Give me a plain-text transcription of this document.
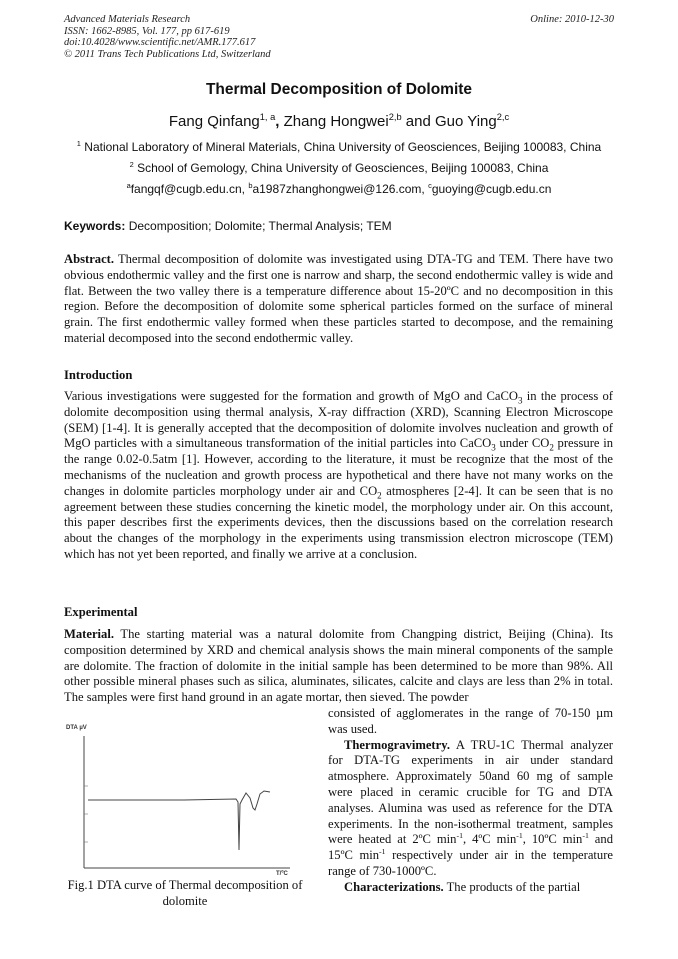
Advanced Materials Research
ISSN: 1662-8985, Vol. 177, pp 617-619
doi:10.4028/www.scientific.net/AMR.177.617
© 2011 Trans Tech Publications Ltd, Switzerland
Online: 2010-12-30
Thermal Decomposition of Dolomite
Fang Qinfang$^{1, a}$, Zhang Hongwei$^{2,b}$ and Guo Ying$^{2,c}$
$^1$ National Laboratory of Mineral Materials, China University of Geosciences, Beijing 100083, China
$^2$ School of Gemology, China University of Geosciences, Beijing 100083, China
$^a$fangqf@cugb.edu.cn, $^b$a1987zhanghongwei@126.com, $^c$guoying@cugb.edu.cn
Keywords: Decomposition; Dolomite; Thermal Analysis; TEM

Abstract. Thermal decomposition of dolomite was investigated using DTA-TG and TEM. There have two obvious endothermic valley and the first one is narrow and sharp, the second endothermic valley is wide and flat. Between the two valley there is a temperature difference about 15-20ºC and no decomposition in this region. Before the decomposition of dolomite some spherical particles formed on the surface of mineral grain. The first endothermic valley formed when these particles started to decompose, and the remaining material decomposed into the second endothermic valley.

Introduction

Various investigations were suggested for the formation and growth of MgO and CaCO$_3$ in the process of dolomite decomposition using thermal analysis, X-ray diffraction (XRD), Scanning Electron Microscope (SEM) [1-4]. It is generally accepted that the decomposition of dolomite involves nucleation and growth of MgO particles with a simultaneous transformation of the initial particles into CaCO$_3$ under $CO_2$ pressure in the range 0.02-0.5atm [1]. However, according to the literature, it must be recognize that the most of the mechanisms of the nucleation and growth process are hypothetical and there have not many works on the changes in dolomite particles morphology under air and $CO_2$ atmospheres [2-4]. It can be seen that is no agreement between these studies concerning the kinetic model, the morphology under air. On this account, this paper describes first the experiments devices, then the discussions based on the correlation research about the changes of the morphology in the experiments using transmission electron microscope (TEM) which has not yet been reported, and finally we arrive at a conclusion.

Experimental

Material. The starting material was a natural dolomite from Changping district, Beijing (China). Its composition determined by XRD and chemical analysis shows the main mineral components of the sample are dolomite. The fraction of dolomite in the initial sample has been determined to be more than 98%. All other possible mineral phases such as silica, aluminates, silicates, calcite and clays are less than 2% in total. The samples were first hand ground in an agate mortar, then sieved. The powder

consisted of agglomerates in the range of 70-150 µm was used.
Thermogravimetry. A TRU-1C Thermal analyzer for DTA-TG experiments in air under standard atmosphere. Approximately 50and 60 mg of sample were placed in ceramic crucible for TG and DTA analyses. Alumina was used as reference for the DTA experiments. In the non-isothermal treatment, samples were heated at 2ºC $\min^{-1}$, 4ºC $\min^{-1}$, 10ºC $\min^{-1}$ and 15ºC $\min^{-1}$ respectively under air in the temperature range of 730-1000ºC.
Characterizations. The products of the partial
DTA µV
T/ºC
Fig.1 DTA curve of Thermal decomposition of dolomite
